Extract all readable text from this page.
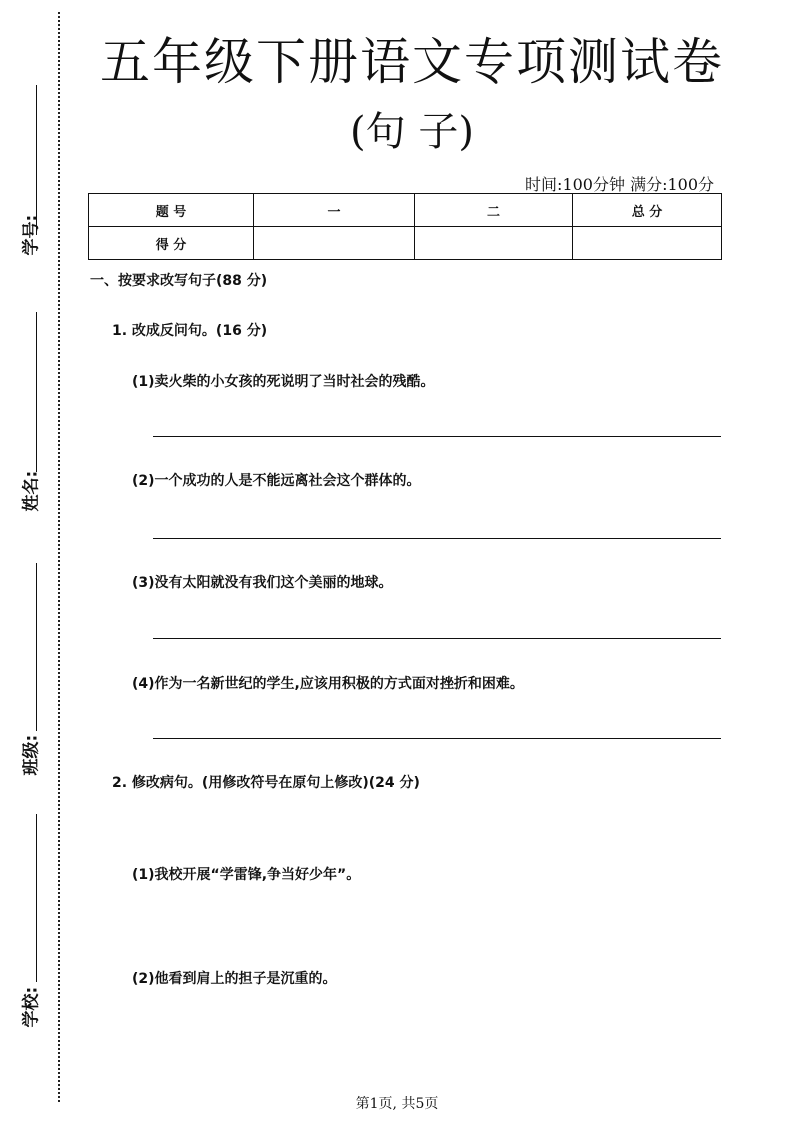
学号:
姓名:
班级:
学校:
五年级下册语文专项测试卷
(句 子)
时间:100分钟 满分:100分
题 号	一	二	总 分
得 分			
一、按要求改写句子(88 分)
1. 改成反问句。(16 分)
(1)卖火柴的小女孩的死说明了当时社会的残酷。
(2)一个成功的人是不能远离社会这个群体的。
(3)没有太阳就没有我们这个美丽的地球。
(4)作为一名新世纪的学生,应该用积极的方式面对挫折和困难。
2. 修改病句。(用修改符号在原句上修改)(24 分)
(1)我校开展“学雷锋,争当好少年”。
(2)他看到肩上的担子是沉重的。
第1页, 共5页
